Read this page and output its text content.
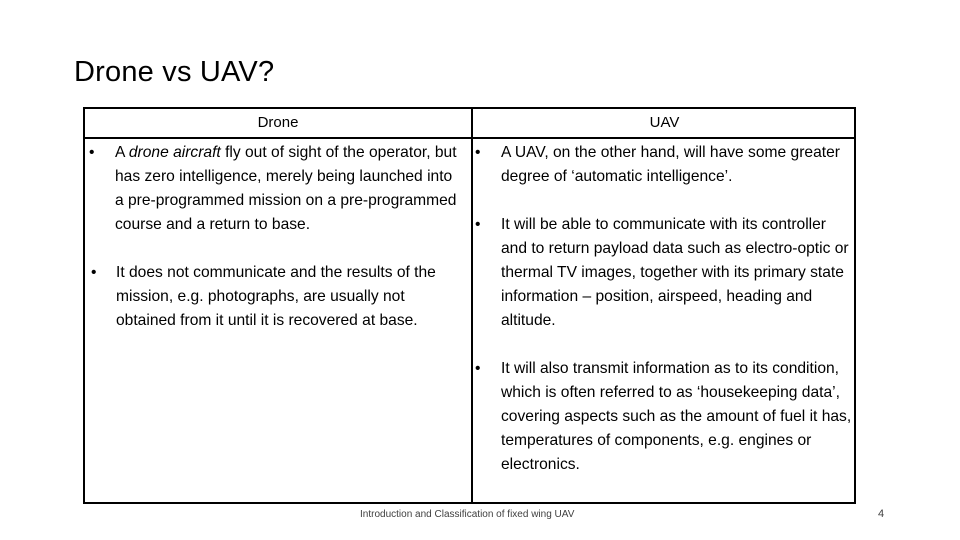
Drone vs UAV?
Drone	UAV
• A drone aircraft fly out of sight of the operator, but has zero intelligence, merely being launched into a pre-programmed mission on a pre-programmed course and a return to base.
• It does not communicate and the results of the mission, e.g. photographs, are usually not obtained from it until it is recovered at base.
• A UAV, on the other hand, will have some greater degree of ‘automatic intelligence’.
• It will be able to communicate with its controller and to return payload data such as electro-optic or thermal TV images, together with its primary state information – position, airspeed, heading and altitude.
• It will also transmit information as to its condition, which is often referred to as ‘housekeeping data’, covering aspects such as the amount of fuel it has, temperatures of components, e.g. engines or electronics.
Introduction and Classification of fixed wing UAV	4
